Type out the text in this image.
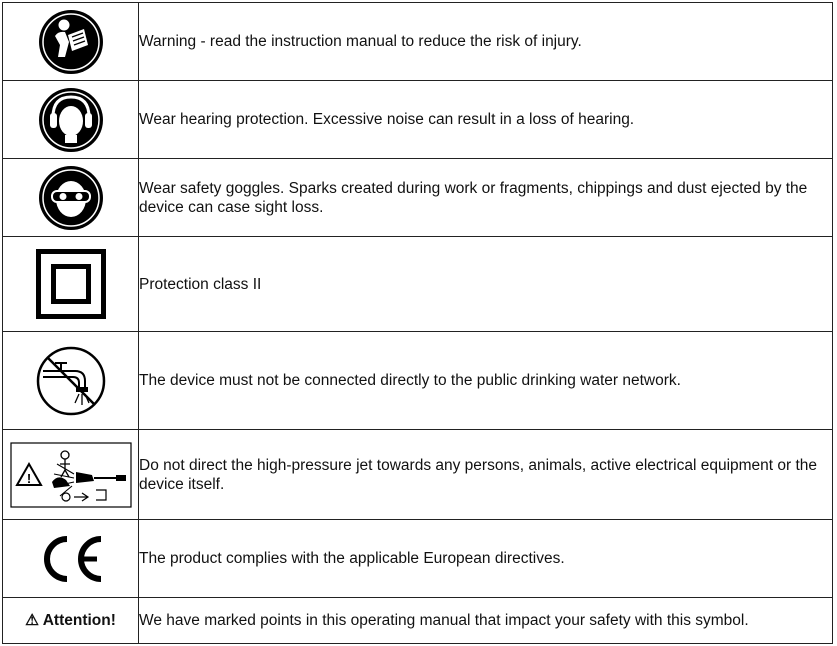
	Warning - read the instruction manual to reduce the risk of injury.

	Wear hearing protection. Excessive noise can result in a loss of hearing.

	Wear safety goggles. Sparks created during work or fragments, chippings and dust ejected by the device can case sight loss.

	Protection class II

	The device must not be connected directly to the public drinking water network.

!	Do not direct the high-pressure jet towards any persons, animals, active electrical equipment or the device itself.

	The product complies with the applicable European directives.
⚠ Attention!	We have marked points in this operating manual that impact your safety with this symbol.
